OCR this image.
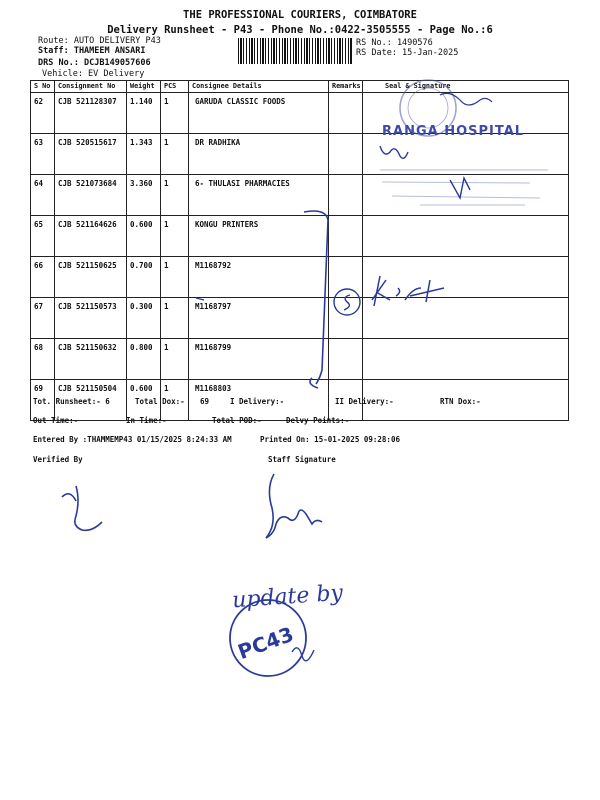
THE PROFESSIONAL COURIERS, COIMBATORE
Delivery Runsheet - P43 - Phone No.:0422-3505555 - Page No.:6
Route: AUTO DELIVERY P43
Staff: THAMEEM ANSARI
DRS No.: DCJB149057606
Vehicle: EV Delivery
RS No.: 1490576
RS Date: 15-Jan-2025
S No	Consignment No	Weight	PCS	Consignee Details	Remarks	Seal & Signature
62	CJB 521128307	1.140	1	GARUDA CLASSIC FOODS		
63	CJB 520515617	1.343	1	DR RADHIKA		
64	CJB 521073684	3.360	1	6- THULASI PHARMACIES		
65	CJB 521164626	0.600	1	KONGU PRINTERS		
66	CJB 521150625	0.700	1	M1168792		
67	CJB 521150573	0.300	1	M1168797		
68	CJB 521150632	0.800	1	M1168799		
69	CJB 521150504	0.600	1	M1168803		
Tot. Runsheet:- 6	Total Dox:- 69	I Delivery:-	II Delivery:-	RTN Dox:-
Out Time:-	In Time:-	Total POD:-	Delvy Points:-
Entered By :THAMMEMP43 01/15/2025 8:24:33 AM	Printed On: 15-01-2025 09:28:06
Verified By	Staff Signature
RANGA HOSPITAL
update by
PC43
